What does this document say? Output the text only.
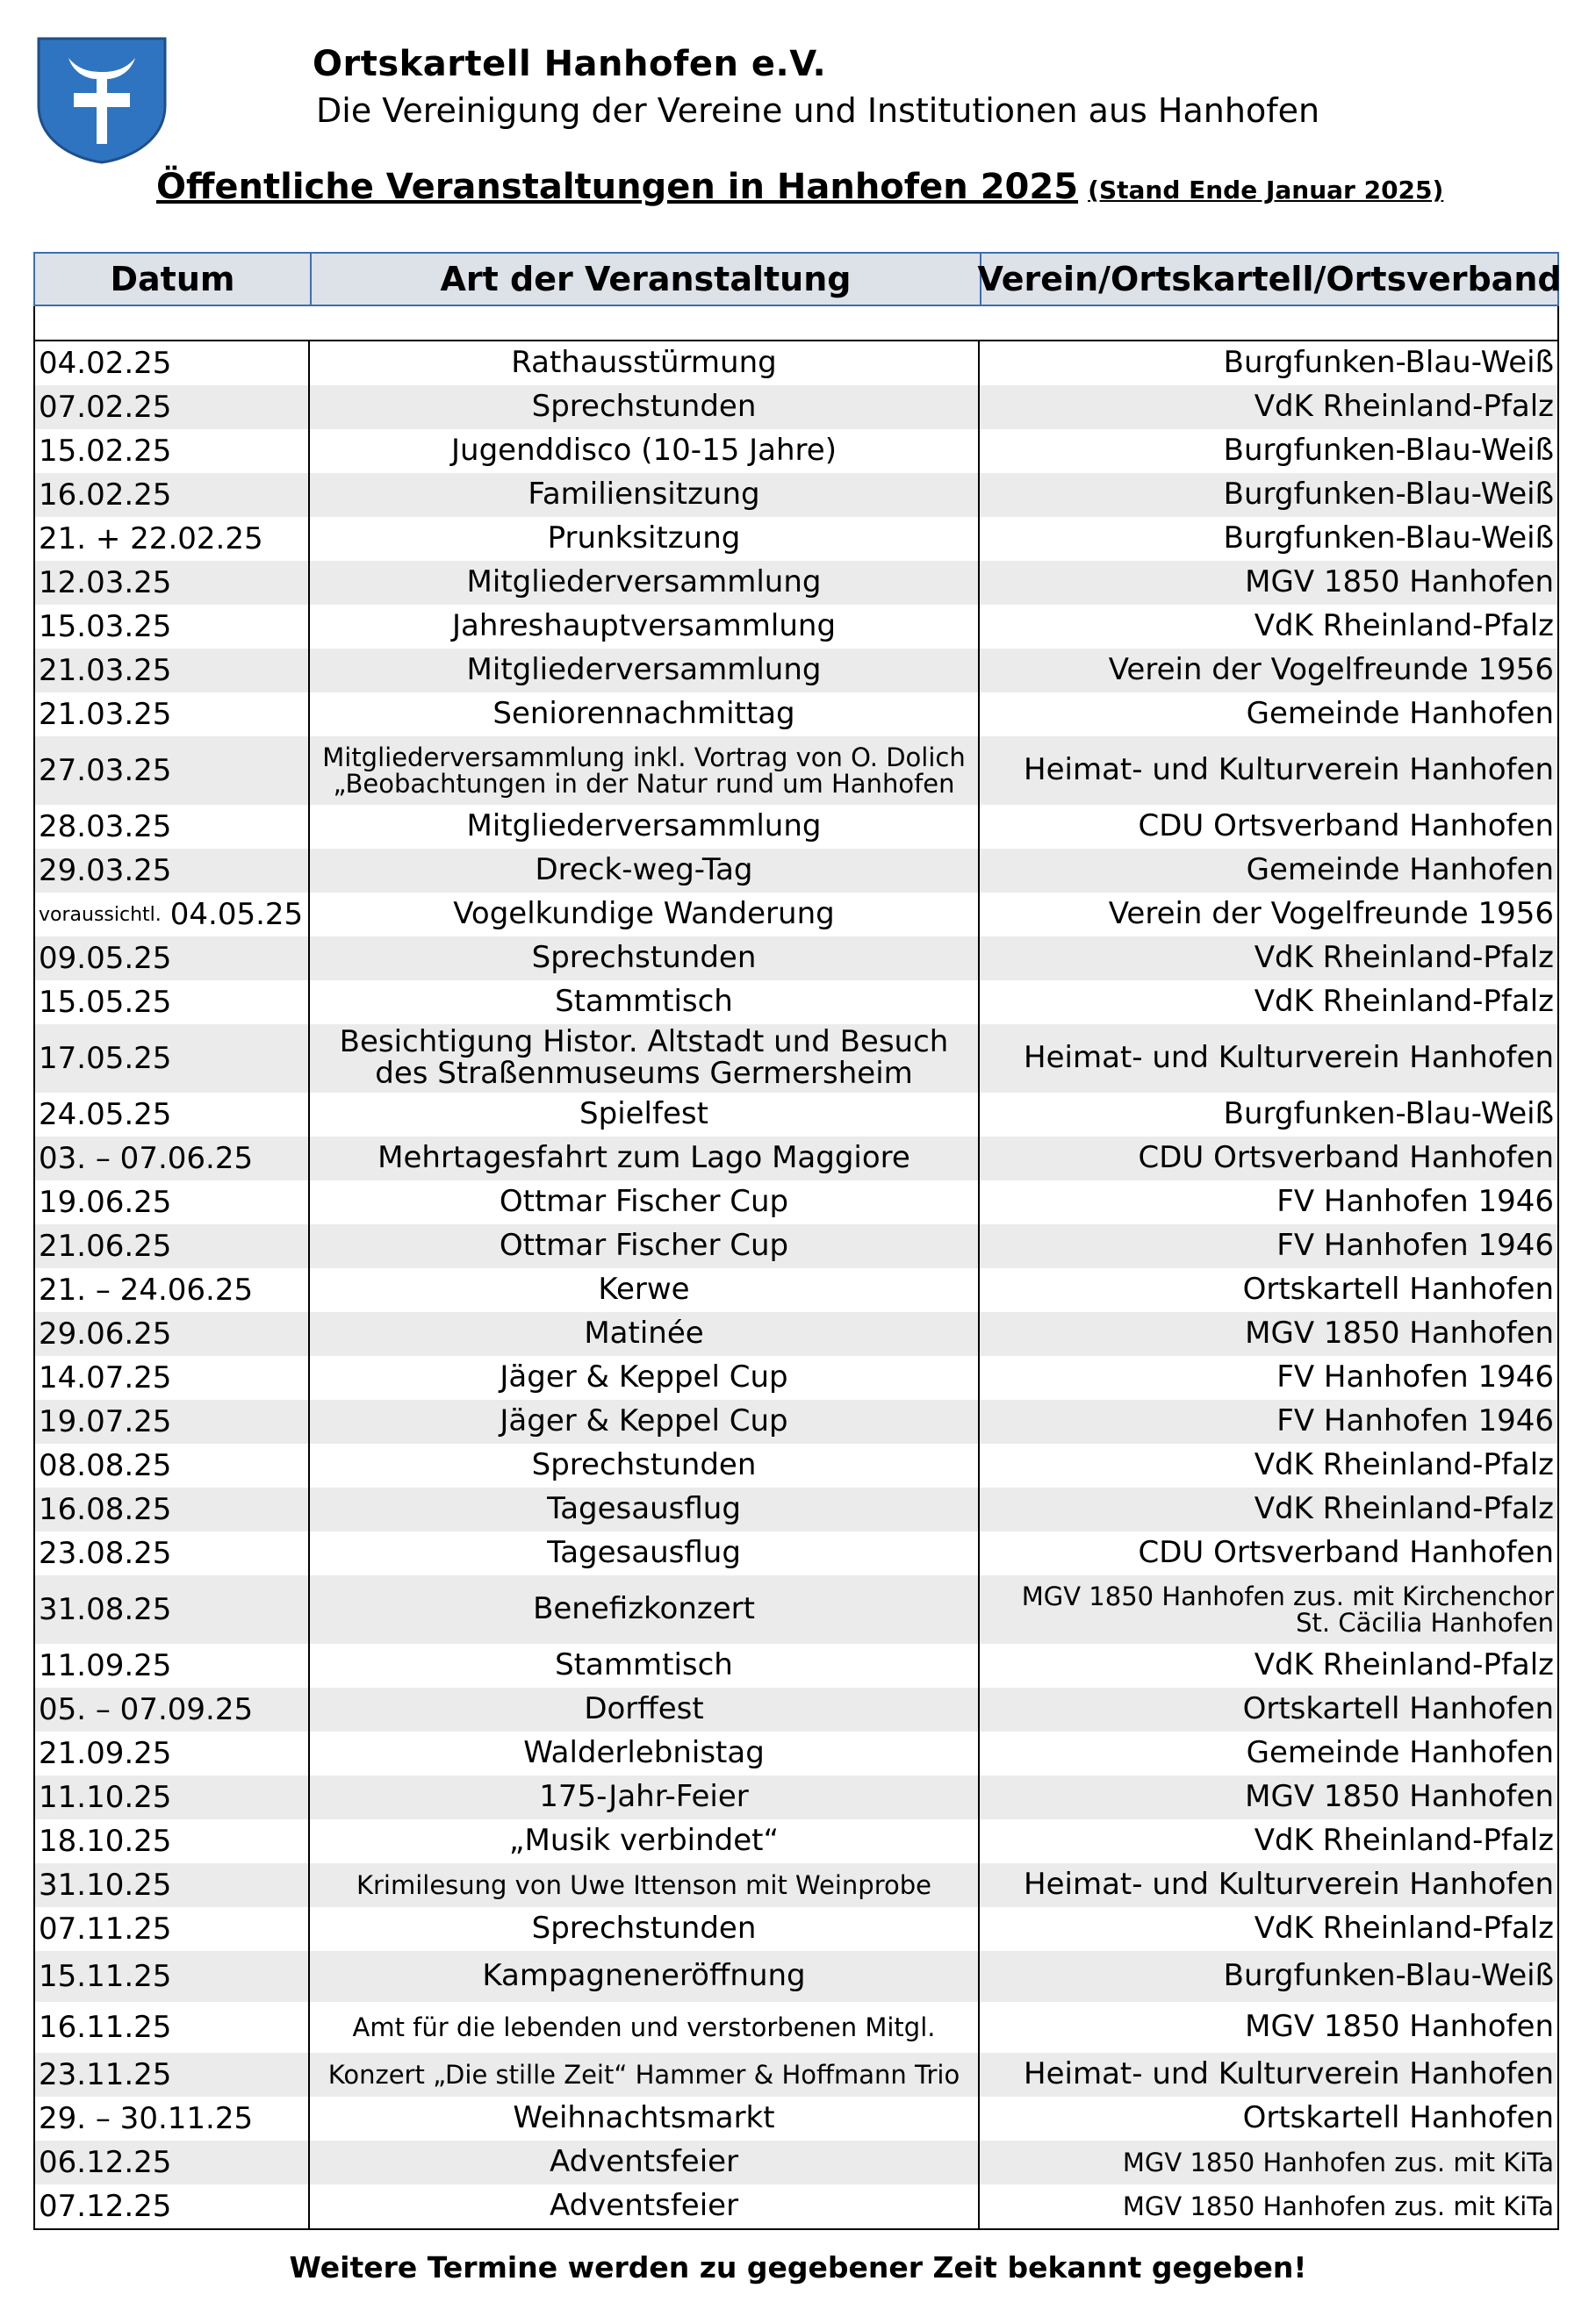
Ortskartell Hanhofen e.V.
Die Vereinigung der Vereine und Institutionen aus Hanhofen
Öffentliche Veranstaltungen in Hanhofen 2025 (Stand Ende Januar 2025)
Datum	Art der Veranstaltung	Verein/Ortskartell/Ortsverband
04.02.25	Rathausstürmung	Burgfunken-Blau-Weiß
07.02.25	Sprechstunden	VdK Rheinland-Pfalz
15.02.25	Jugenddisco (10-15 Jahre)	Burgfunken-Blau-Weiß
16.02.25	Familiensitzung	Burgfunken-Blau-Weiß
21. + 22.02.25	Prunksitzung	Burgfunken-Blau-Weiß
12.03.25	Mitgliederversammlung	MGV 1850 Hanhofen
15.03.25	Jahreshauptversammlung	VdK Rheinland-Pfalz
21.03.25	Mitgliederversammlung	Verein der Vogelfreunde 1956
21.03.25	Seniorennachmittag	Gemeinde Hanhofen
27.03.25	Mitgliederversammlung inkl. Vortrag von O. Dolich „Beobachtungen in der Natur rund um Hanhofen	Heimat- und Kulturverein Hanhofen
28.03.25	Mitgliederversammlung	CDU Ortsverband Hanhofen
29.03.25	Dreck-weg-Tag	Gemeinde Hanhofen
voraussichtl. 04.05.25	Vogelkundige Wanderung	Verein der Vogelfreunde 1956
09.05.25	Sprechstunden	VdK Rheinland-Pfalz
15.05.25	Stammtisch	VdK Rheinland-Pfalz
17.05.25	Besichtigung Histor. Altstadt und Besuch des Straßenmuseums Germersheim	Heimat- und Kulturverein Hanhofen
24.05.25	Spielfest	Burgfunken-Blau-Weiß
03. – 07.06.25	Mehrtagesfahrt zum Lago Maggiore	CDU Ortsverband Hanhofen
19.06.25	Ottmar Fischer Cup	FV Hanhofen 1946
21.06.25	Ottmar Fischer Cup	FV Hanhofen 1946
21. – 24.06.25	Kerwe	Ortskartell Hanhofen
29.06.25	Matinée	MGV 1850 Hanhofen
14.07.25	Jäger & Keppel Cup	FV Hanhofen 1946
19.07.25	Jäger & Keppel Cup	FV Hanhofen 1946
08.08.25	Sprechstunden	VdK Rheinland-Pfalz
16.08.25	Tagesausflug	VdK Rheinland-Pfalz
23.08.25	Tagesausflug	CDU Ortsverband Hanhofen
31.08.25	Benefizkonzert	MGV 1850 Hanhofen zus. mit Kirchenchor St. Cäcilia Hanhofen
11.09.25	Stammtisch	VdK Rheinland-Pfalz
05. – 07.09.25	Dorffest	Ortskartell Hanhofen
21.09.25	Walderlebnistag	Gemeinde Hanhofen
11.10.25	175-Jahr-Feier	MGV 1850 Hanhofen
18.10.25	„Musik verbindet“	VdK Rheinland-Pfalz
31.10.25	Krimilesung von Uwe Ittenson mit Weinprobe	Heimat- und Kulturverein Hanhofen
07.11.25	Sprechstunden	VdK Rheinland-Pfalz
15.11.25	Kampagneneröffnung	Burgfunken-Blau-Weiß
16.11.25	Amt für die lebenden und verstorbenen Mitgl.	MGV 1850 Hanhofen
23.11.25	Konzert „Die stille Zeit“ Hammer & Hoffmann Trio	Heimat- und Kulturverein Hanhofen
29. – 30.11.25	Weihnachtsmarkt	Ortskartell Hanhofen
06.12.25	Adventsfeier	MGV 1850 Hanhofen zus. mit KiTa
07.12.25	Adventsfeier	MGV 1850 Hanhofen zus. mit KiTa
Weitere Termine werden zu gegebener Zeit bekannt gegeben!
